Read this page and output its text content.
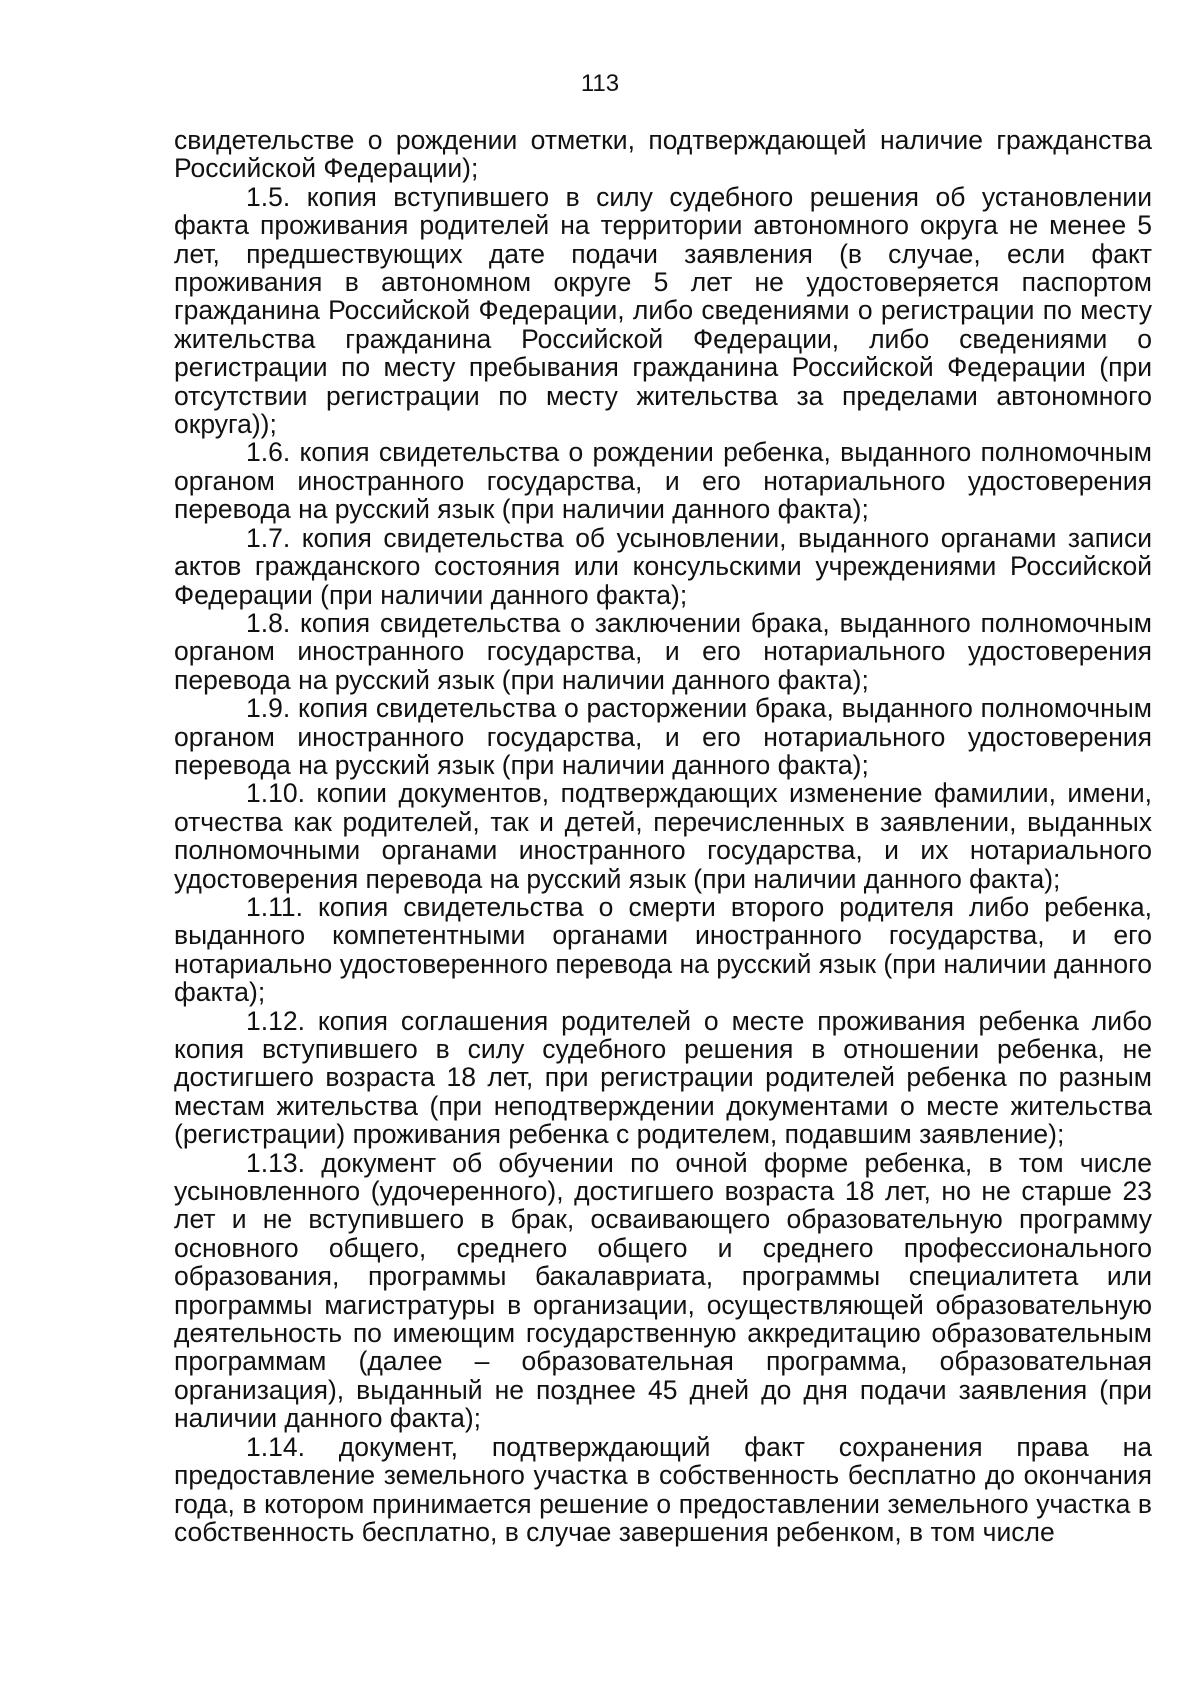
113

свидетельстве о рождении отметки, подтверждающей наличие гражданства Российской Федерации);

1.5. копия вступившего в силу судебного решения об установлении факта проживания родителей на территории автономного округа не менее 5 лет, предшествующих дате подачи заявления (в случае, если факт проживания в автономном округе 5 лет не удостоверяется паспортом гражданина Российской Федерации, либо сведениями о регистрации по месту жительства гражданина Российской Федерации, либо сведениями о регистрации по месту пребывания гражданина Российской Федерации (при отсутствии регистрации по месту жительства за пределами автономного округа));

1.6. копия свидетельства о рождении ребенка, выданного полномочным органом иностранного государства, и его нотариального удостоверения перевода на русский язык (при наличии данного факта);

1.7. копия свидетельства об усыновлении, выданного органами записи актов гражданского состояния или консульскими учреждениями Российской Федерации (при наличии данного факта);

1.8. копия свидетельства о заключении брака, выданного полномочным органом иностранного государства, и его нотариального удостоверения перевода на русский язык (при наличии данного факта);

1.9. копия свидетельства о расторжении брака, выданного полномочным органом иностранного государства, и его нотариального удостоверения перевода на русский язык (при наличии данного факта);

1.10. копии документов, подтверждающих изменение фамилии, имени, отчества как родителей, так и детей, перечисленных в заявлении, выданных полномочными органами иностранного государства, и их нотариального удостоверения перевода на русский язык (при наличии данного факта);

1.11. копия свидетельства о смерти второго родителя либо ребенка, выданного компетентными органами иностранного государства, и его нотариально удостоверенного перевода на русский язык (при наличии данного факта);

1.12. копия соглашения родителей о месте проживания ребенка либо копия вступившего в силу судебного решения в отношении ребенка, не достигшего возраста 18 лет, при регистрации родителей ребенка по разным местам жительства (при неподтверждении документами о месте жительства (регистрации) проживания ребенка с родителем, подавшим заявление);

1.13. документ об обучении по очной форме ребенка, в том числе усыновленного (удочеренного), достигшего возраста 18 лет, но не старше 23 лет и не вступившего в брак, осваивающего образовательную программу основного общего, среднего общего и среднего профессионального образования, программы бакалавриата, программы специалитета или программы магистратуры в организации, осуществляющей образовательную деятельность по имеющим государственную аккредитацию образовательным программам (далее – образовательная программа, образовательная организация), выданный не позднее 45 дней до дня подачи заявления (при наличии данного факта);

1.14. документ, подтверждающий факт сохранения права на предоставление земельного участка в собственность бесплатно до окончания года, в котором принимается решение о предоставлении земельного участка в собственность бесплатно, в случае завершения ребенком, в том числе
